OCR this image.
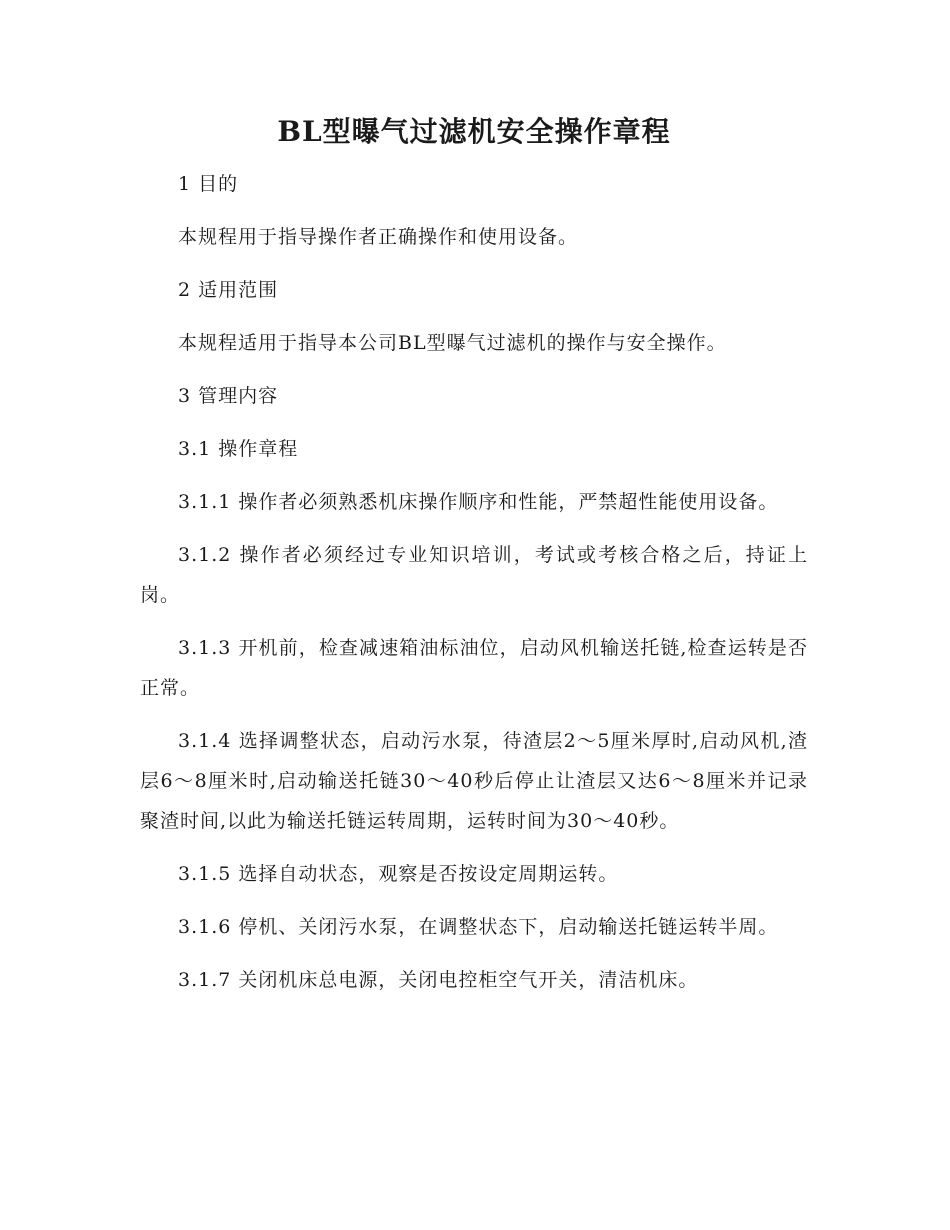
BL型曝气过滤机安全操作章程

1 目的

本规程用于指导操作者正确操作和使用设备。

2 适用范围

本规程适用于指导本公司BL型曝气过滤机的操作与安全操作。

3 管理内容

3.1 操作章程

3.1.1 操作者必须熟悉机床操作顺序和性能，严禁超性能使用设备。

3.1.2 操作者必须经过专业知识培训，考试或考核合格之后，持证上岗。

3.1.3 开机前，检查减速箱油标油位，启动风机输送托链,检查运转是否正常。

3.1.4 选择调整状态，启动污水泵，待渣层2～5厘米厚时,启动风机,渣层6～8厘米时,启动输送托链30～40秒后停止让渣层又达6～8厘米并记录聚渣时间,以此为输送托链运转周期，运转时间为30～40秒。

3.1.5 选择自动状态，观察是否按设定周期运转。

3.1.6 停机、关闭污水泵，在调整状态下，启动输送托链运转半周。

3.1.7 关闭机床总电源，关闭电控柜空气开关，清洁机床。
